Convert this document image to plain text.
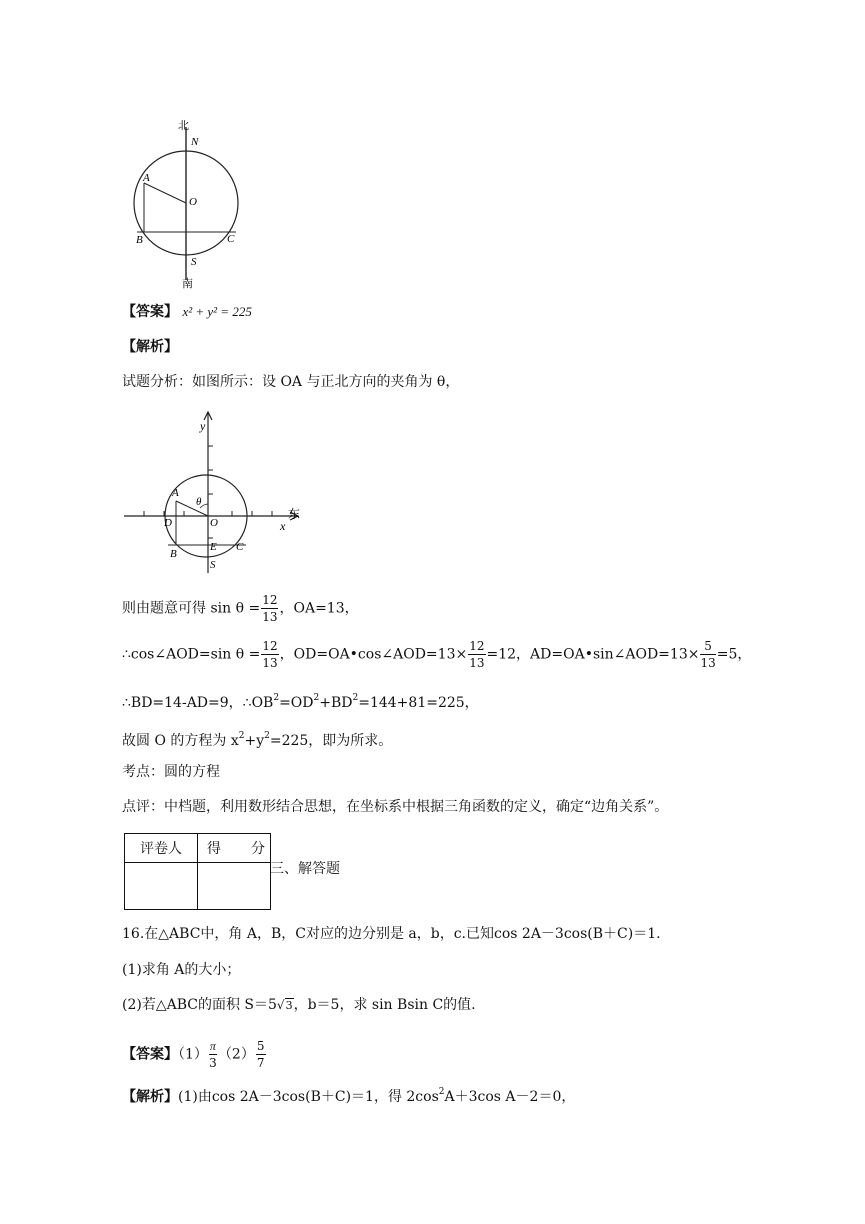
北
南
N
A
O
B	C
S
【答案】 x² + y² = 225
【解析】
试题分析：如图所示：设 OA 与正北方向的夹角为 θ，
y
x
东
θ
A
D	O
B
E C
S
则由题意可得 $\sin \theta = \frac{12}{13}$ ，OA=13，
∴cos∠AOD=sin $\theta = \frac{12}{13}$ ，OD=OA•cos∠AOD=13× $\frac{12}{13} =12$，AD=OA•sin∠AOD=13× $\frac{5}{13} =5$，
∴BD=14-AD=9，$\therefore OB^2=OD^2+BD^2=144+81=225$，
故圆 O 的方程为 $x^2+y^2=225$，即为所求。
考点：圆的方程
点评：中档题，利用数形结合思想，在坐标系中根据三角函数的定义，确定“边角关系”。
评卷人	得 分

三、解答题
16.在△ABC中，角 A，B，C对应的边分别是 a，b，c.已知cos 2A－3cos(B＋C)＝1.
(1)求角 A的大小；
(2)若△ABC的面积 S＝5√3，b＝5，求 sin Bsin C的值.
【答案】$(1) \frac{\pi}{3} (2) \frac{5}{7}$
【解析】(1)由cos 2A－3cos(B＋C)＝1，得 $2\cos^2A+3\cos$ A－2＝0，
